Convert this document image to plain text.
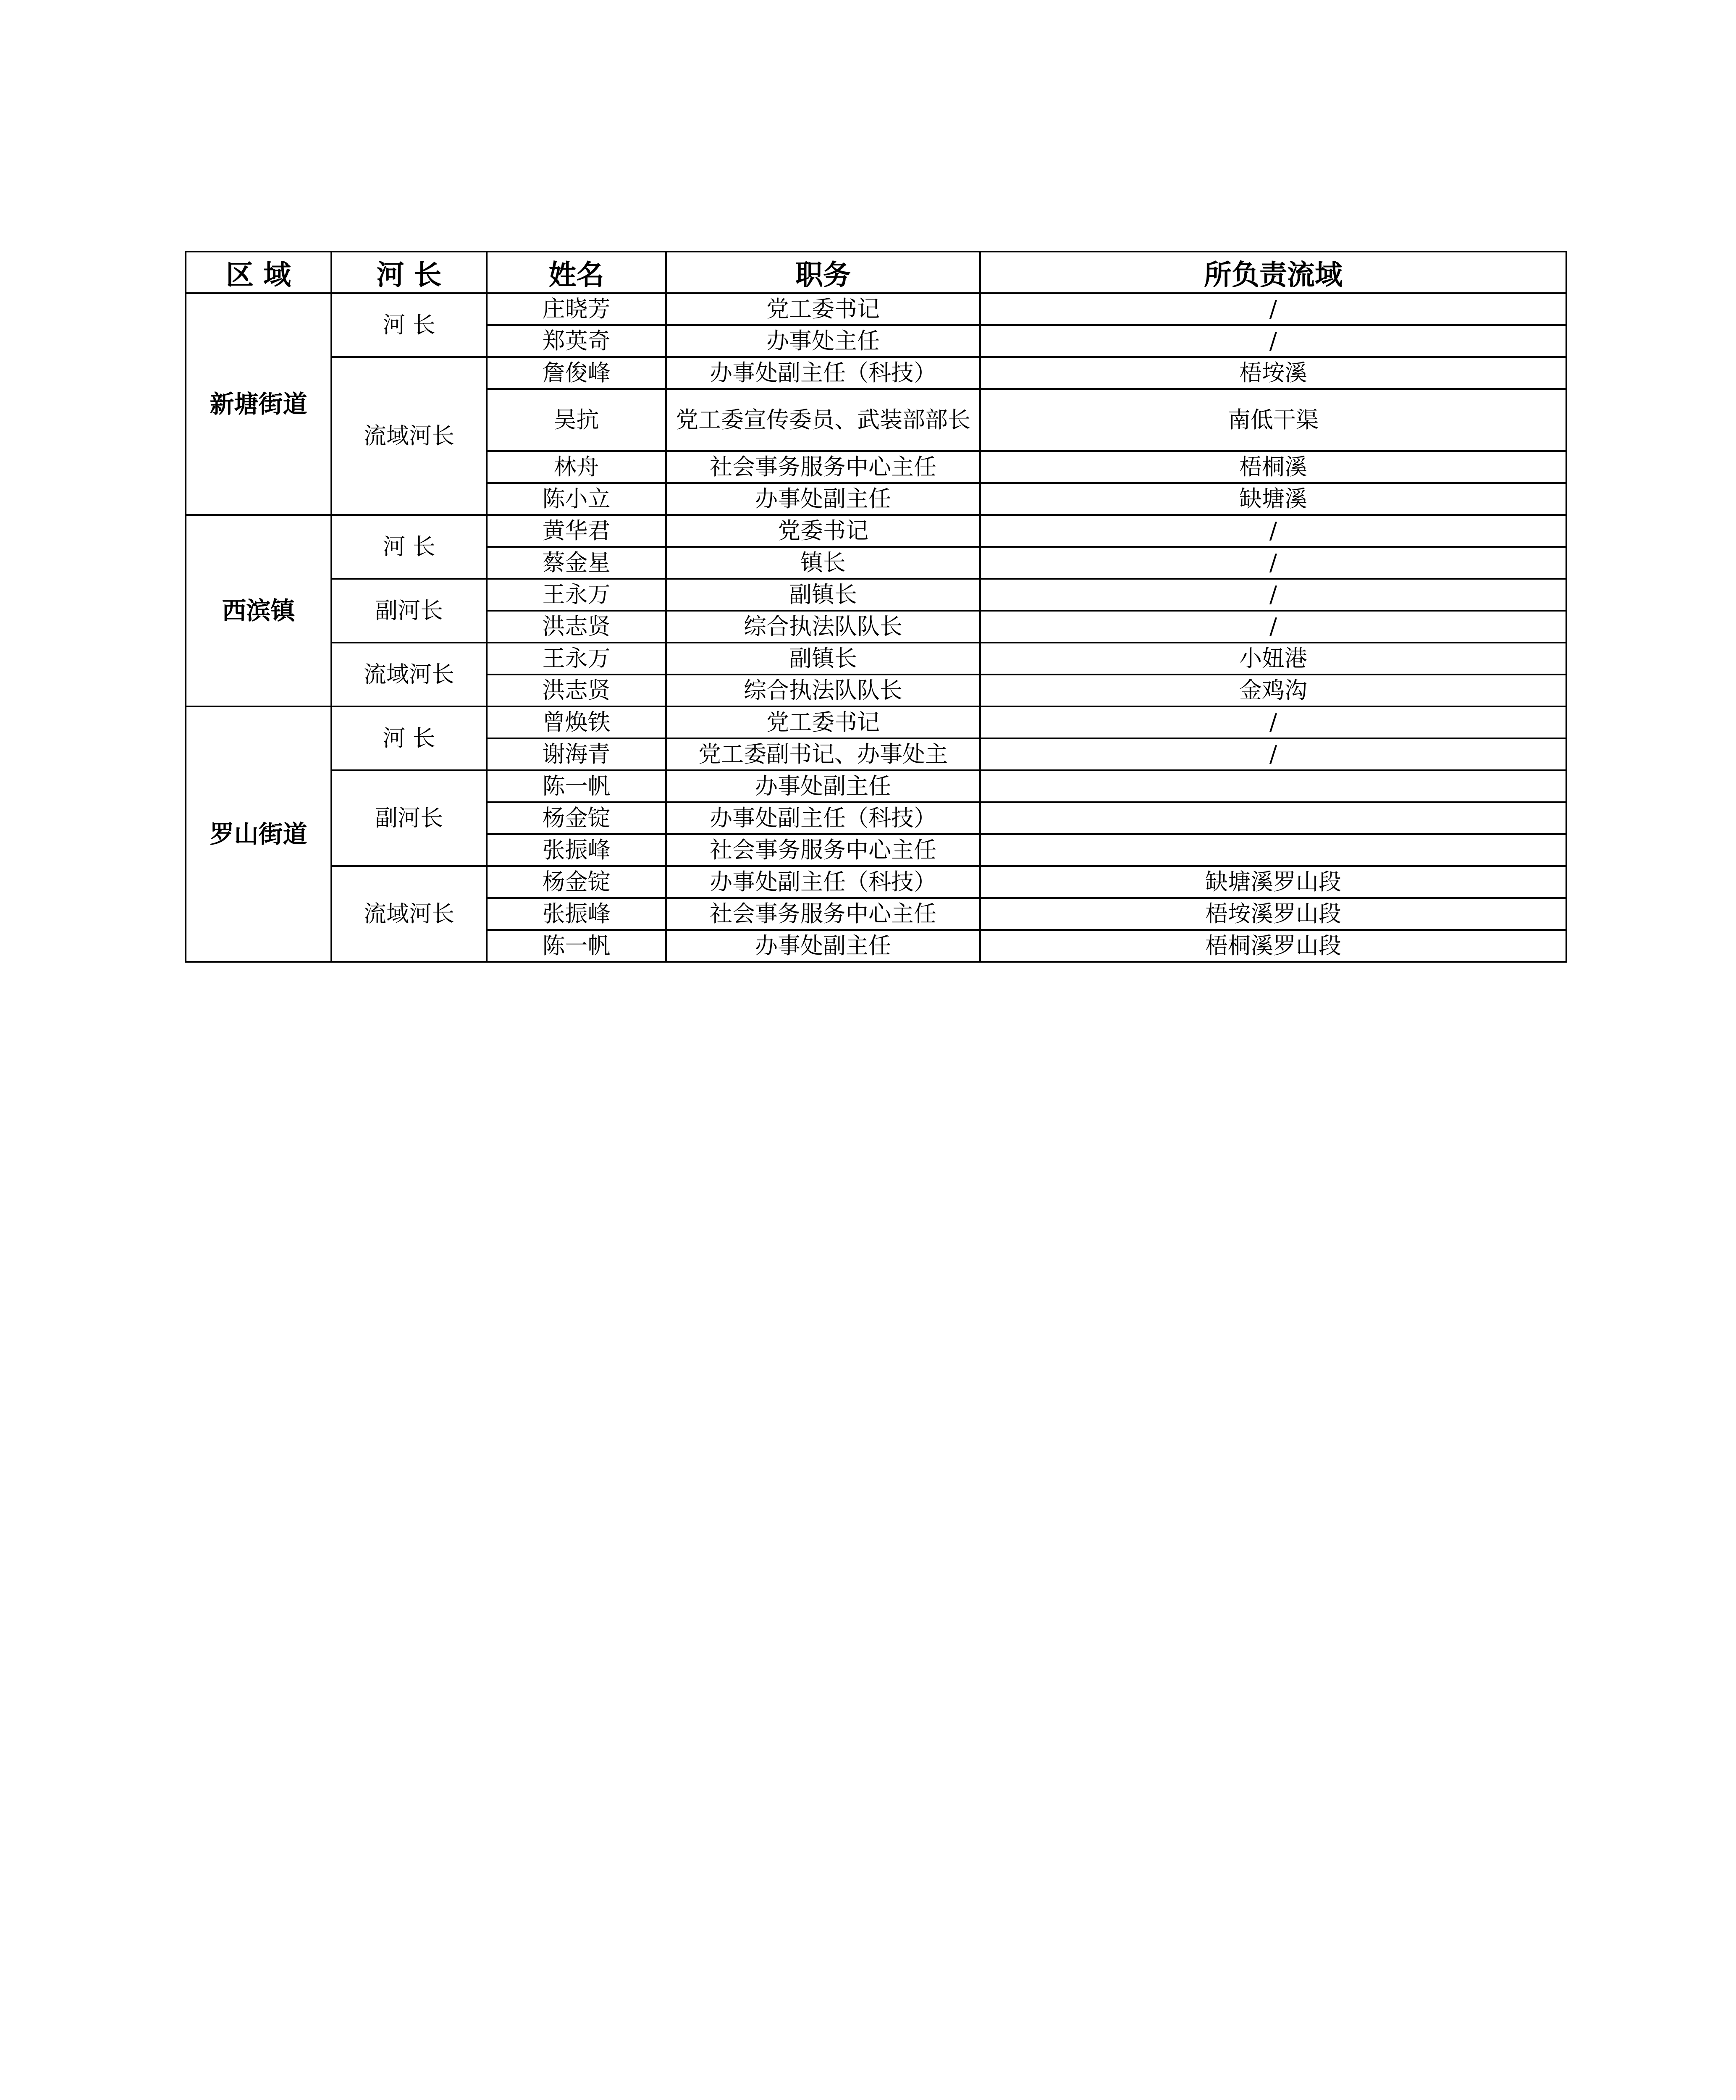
区 域	河 长	姓名	职务	所负责流域
新塘街道	河 长	庄晓芳	党工委书记	/
		郑英奇	办事处主任	/
	流域河长	詹俊峰	办事处副主任（科技）	梧垵溪
		吴抗	党工委宣传委员、武装部部长	南低干渠
		林舟	社会事务服务中心主任	梧桐溪
		陈小立	办事处副主任	缺塘溪
西滨镇	河 长	黄华君	党委书记	/
		蔡金星	镇长	/
	副河长	王永万	副镇长	/
		洪志贤	综合执法队队长	/
	流域河长	王永万	副镇长	小妞港
		洪志贤	综合执法队队长	金鸡沟
罗山街道	河 长	曾焕铁	党工委书记	/
		谢海青	党工委副书记、办事处主	/
	副河长	陈一帆	办事处副主任	
		杨金锭	办事处副主任（科技）	
		张振峰	社会事务服务中心主任	
	流域河长	杨金锭	办事处副主任（科技）	缺塘溪罗山段
		张振峰	社会事务服务中心主任	梧垵溪罗山段
		陈一帆	办事处副主任	梧桐溪罗山段
